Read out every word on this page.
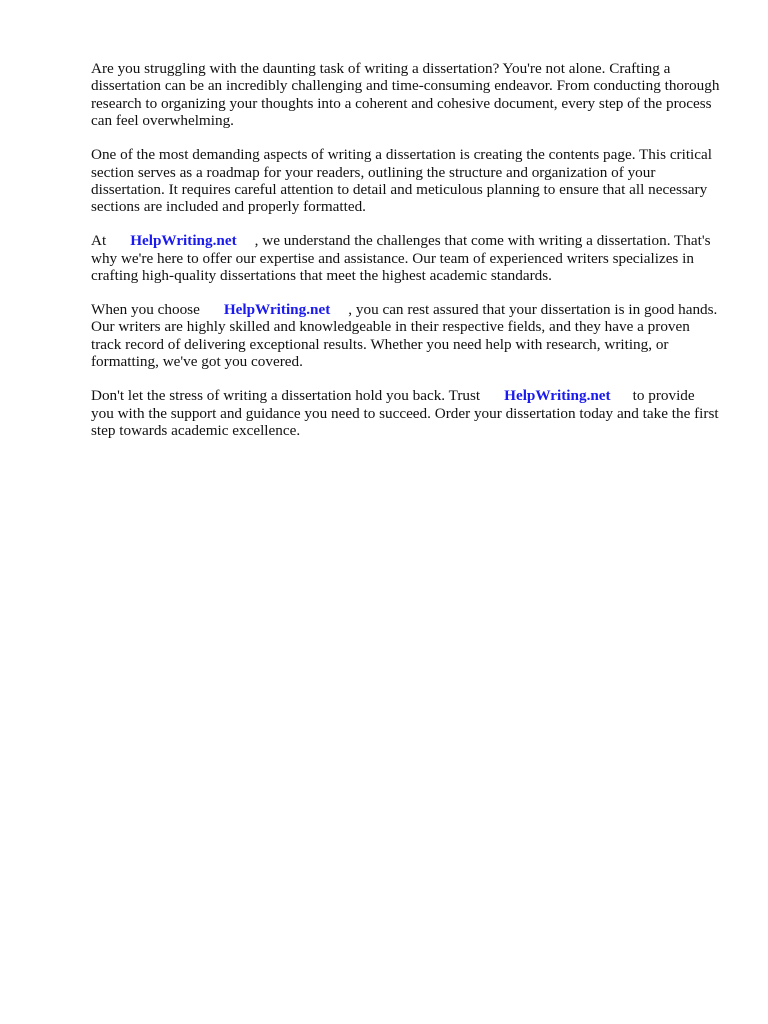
Are you struggling with the daunting task of writing a dissertation? You're not alone. Crafting a dissertation can be an incredibly challenging and time-consuming endeavor. From conducting thorough research to organizing your thoughts into a coherent and cohesive document, every step of the process can feel overwhelming.

One of the most demanding aspects of writing a dissertation is creating the contents page. This critical section serves as a roadmap for your readers, outlining the structure and organization of your dissertation. It requires careful attention to detail and meticulous planning to ensure that all necessary sections are included and properly formatted.

At HelpWriting.net , we understand the challenges that come with writing a dissertation. That's why we're here to offer our expertise and assistance. Our team of experienced writers specializes in crafting high-quality dissertations that meet the highest academic standards.

When you choose HelpWriting.net , you can rest assured that your dissertation is in good hands. Our writers are highly skilled and knowledgeable in their respective fields, and they have a proven track record of delivering exceptional results. Whether you need help with research, writing, or formatting, we've got you covered.

Don't let the stress of writing a dissertation hold you back. Trust HelpWriting.net to provide you with the support and guidance you need to succeed. Order your dissertation today and take the first step towards academic excellence.
